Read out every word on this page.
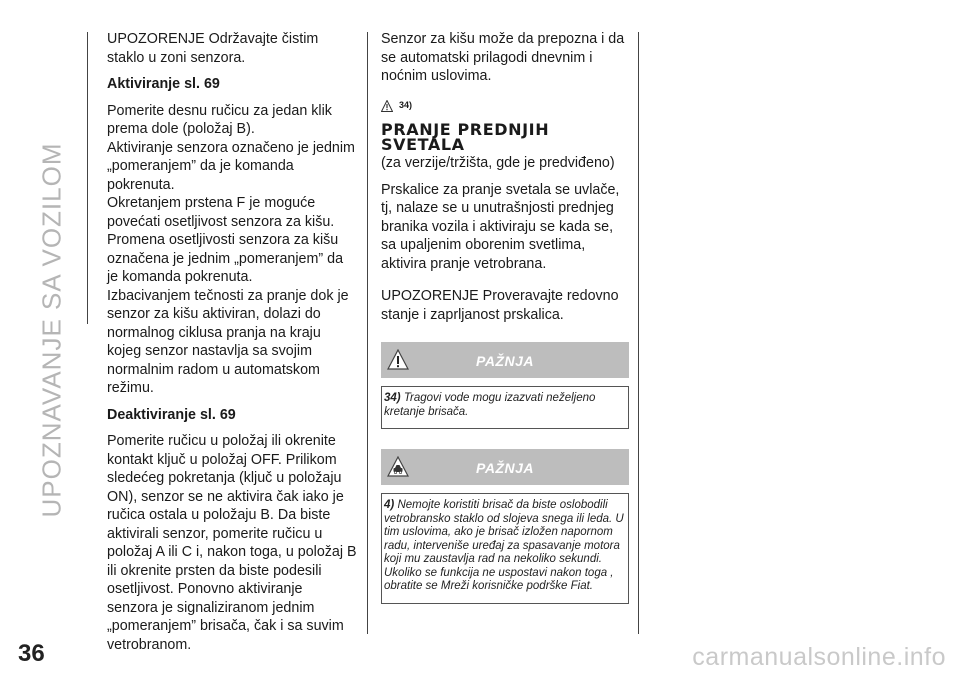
UPOZNAVANJE SA VOZILOM

UPOZORENJE Održavajte čistim staklo u zoni senzora.

Aktiviranje sl. 69

Pomerite desnu ručicu za jedan klik prema dole (položaj B).
Aktiviranje senzora označeno je jednim „pomeranjem” da je komanda pokrenuta.
Okretanjem prstena F je moguće povećati osetljivost senzora za kišu. Promena osetljivosti senzora za kišu označena je jednim „pomeranjem” da je komanda pokrenuta.

Izbacivanjem tečnosti za pranje dok je senzor za kišu aktiviran, dolazi do normalnog ciklusa pranja na kraju kojeg senzor nastavlja sa svojim normalnim radom u automatskom režimu.

Deaktiviranje sl. 69

Pomerite ručicu u položaj ili okrenite kontakt ključ u položaj OFF. Prilikom sledećeg pokretanja (ključ u položaju ON), senzor se ne aktivira čak iako je ručica ostala u položaju B. Da biste aktivirali senzor, pomerite ručicu u položaj A ili C i, nakon toga, u položaj B ili okrenite prsten da biste podesili osetljivost. Ponovno aktiviranje senzora je signaliziranom jednim „pomeranjem” brisača, čak i sa suvim vetrobranom.

Senzor za kišu može da prepozna i da se automatski prilagodi dnevnim i noćnim uslovima.

$^{34)}$
PRANJE PREDNJIH
SVETALA

(za verzije/tržišta, gde je predviđeno)

Prskalice za pranje svetala se uvlače, tj, nalaze se u unutrašnjosti prednjeg branika vozila i aktiviraju se kada se, sa upaljenim oborenim svetlima, aktivira pranje vetrobrana.

UPOZORENJE Proveravajte redovno stanje i zaprljanost prskalica.

PAŽNJA
34) Tragovi vode mogu izazvati neželjeno kretanje brisača.
PAŽNJA
4) Nemojte koristiti brisač da biste oslobodili vetrobransko staklo od slojeva snega ili leda. U tim uslovima, ako je brisač izložen napornom radu, interveniše uređaj za spasavanje motora koji mu zaustavlja rad na nekoliko sekundi. Ukoliko se funkcija ne uspostavi nakon toga , obratite se Mreži korisničke podrške Fiat.
36	carmanualsonline.info
